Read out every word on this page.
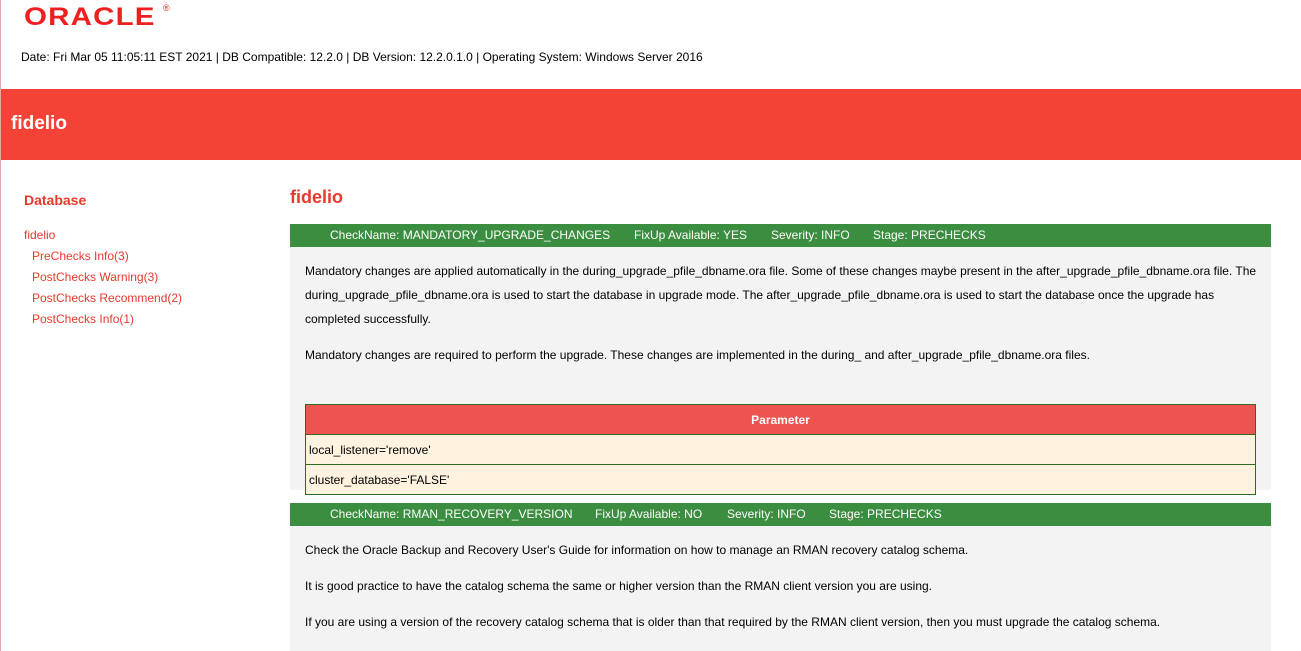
ORACLE ®
Date: Fri Mar 05 11:05:11 EST 2021 | DB Compatible: 12.2.0 | DB Version: 12.2.0.1.0 | Operating System: Windows Server 2016
fidelio
Database
fidelio
PreChecks Info(3)
PostChecks Warning(3)
PostChecks Recommend(2)
PostChecks Info(1)
fidelio
CheckName: MANDATORY_UPGRADE_CHANGES FixUp Available: YES Severity: INFO Stage: PRECHECKS

Mandatory changes are applied automatically in the during_upgrade_pfile_dbname.ora file. Some of these changes maybe present in the after_upgrade_pfile_dbname.ora file. The during_upgrade_pfile_dbname.ora is used to start the database in upgrade mode. The after_upgrade_pfile_dbname.ora is used to start the database once the upgrade has completed successfully.

Mandatory changes are required to perform the upgrade. These changes are implemented in the during_ and after_upgrade_pfile_dbname.ora files.

Parameter
local_listener='remove'
cluster_database='FALSE'
CheckName: RMAN_RECOVERY_VERSION FixUp Available: NO Severity: INFO Stage: PRECHECKS

Check the Oracle Backup and Recovery User's Guide for information on how to manage an RMAN recovery catalog schema.

It is good practice to have the catalog schema the same or higher version than the RMAN client version you are using.

If you are using a version of the recovery catalog schema that is older than that required by the RMAN client version, then you must upgrade the catalog schema.
